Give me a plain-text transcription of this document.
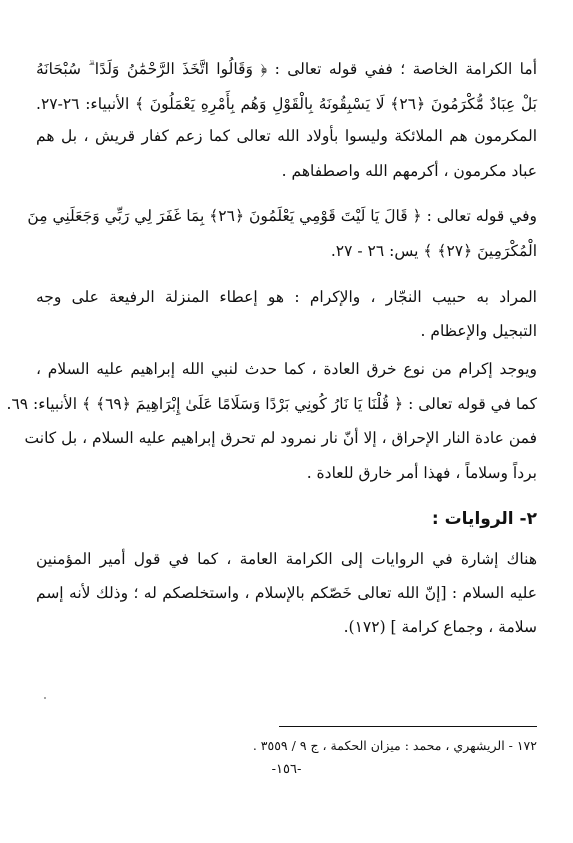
أما الكرامة الخاصة ؛ ففي قوله تعالى : ﴿ وَقَالُوا اتَّخَذَ الرَّحْمَٰنُ وَلَدًا ۗ سُبْحَانَهُ
بَلْ عِبَادٌ مُّكْرَمُونَ ﴿٢٦﴾ لَا يَسْبِقُونَهُ بِالْقَوْلِ وَهُم بِأَمْرِهِ يَعْمَلُونَ ﴾ الأنبياء: ٢٦-٢٧.
المكرمون هم الملائكة وليسوا بأولاد الله تعالى كما زعم كفار قريش ، بل هم
عباد مكرمون ، أكرمهم الله واصطفاهم .
وفي قوله تعالى : ﴿ قَالَ يَا لَيْتَ قَوْمِي يَعْلَمُونَ ﴿٢٦﴾ بِمَا غَفَرَ لِي رَبِّي وَجَعَلَنِي مِنَ
الْمُكْرَمِينَ ﴿٢٧﴾ ﴾ يس: ٢٦ - ٢٧.
المراد به حبيب النجّار ، والإكرام : هو إعطاء المنزلة الرفيعة على وجه
التبجيل والإعظام .
ويوجد إكرام من نوع خرق العادة ، كما حدث لنبي الله إبراهيم عليه السلام ،
كما في قوله تعالى : ﴿ قُلْنَا يَا نَارُ كُونِي بَرْدًا وَسَلَامًا عَلَىٰ إِبْرَاهِيمَ ﴿٦٩﴾ ﴾ الأنبياء: ٦٩.
فمن عادة النار الإحراق ، إلا أنّ نار نمرود لم تحرق إبراهيم عليه السلام ، بل كانت
برداً وسلاماً ، فهذا أمر خارق للعادة .
٢- الروايات :
هناك إشارة في الروايات إلى الكرامة العامة ، كما في قول أمير المؤمنين
عليه السلام : [إنّ الله تعالى خَصّكم بالإسلام ، واستخلصكم له ؛ وذلك لأنه إسم
سلامة ، وجماع كرامة ] (١٧٢).
١٧٢ - الريشهري ، محمد : ميزان الحكمة ، ج ٩ / ٣٥٥٩ .
-١٥٦-
